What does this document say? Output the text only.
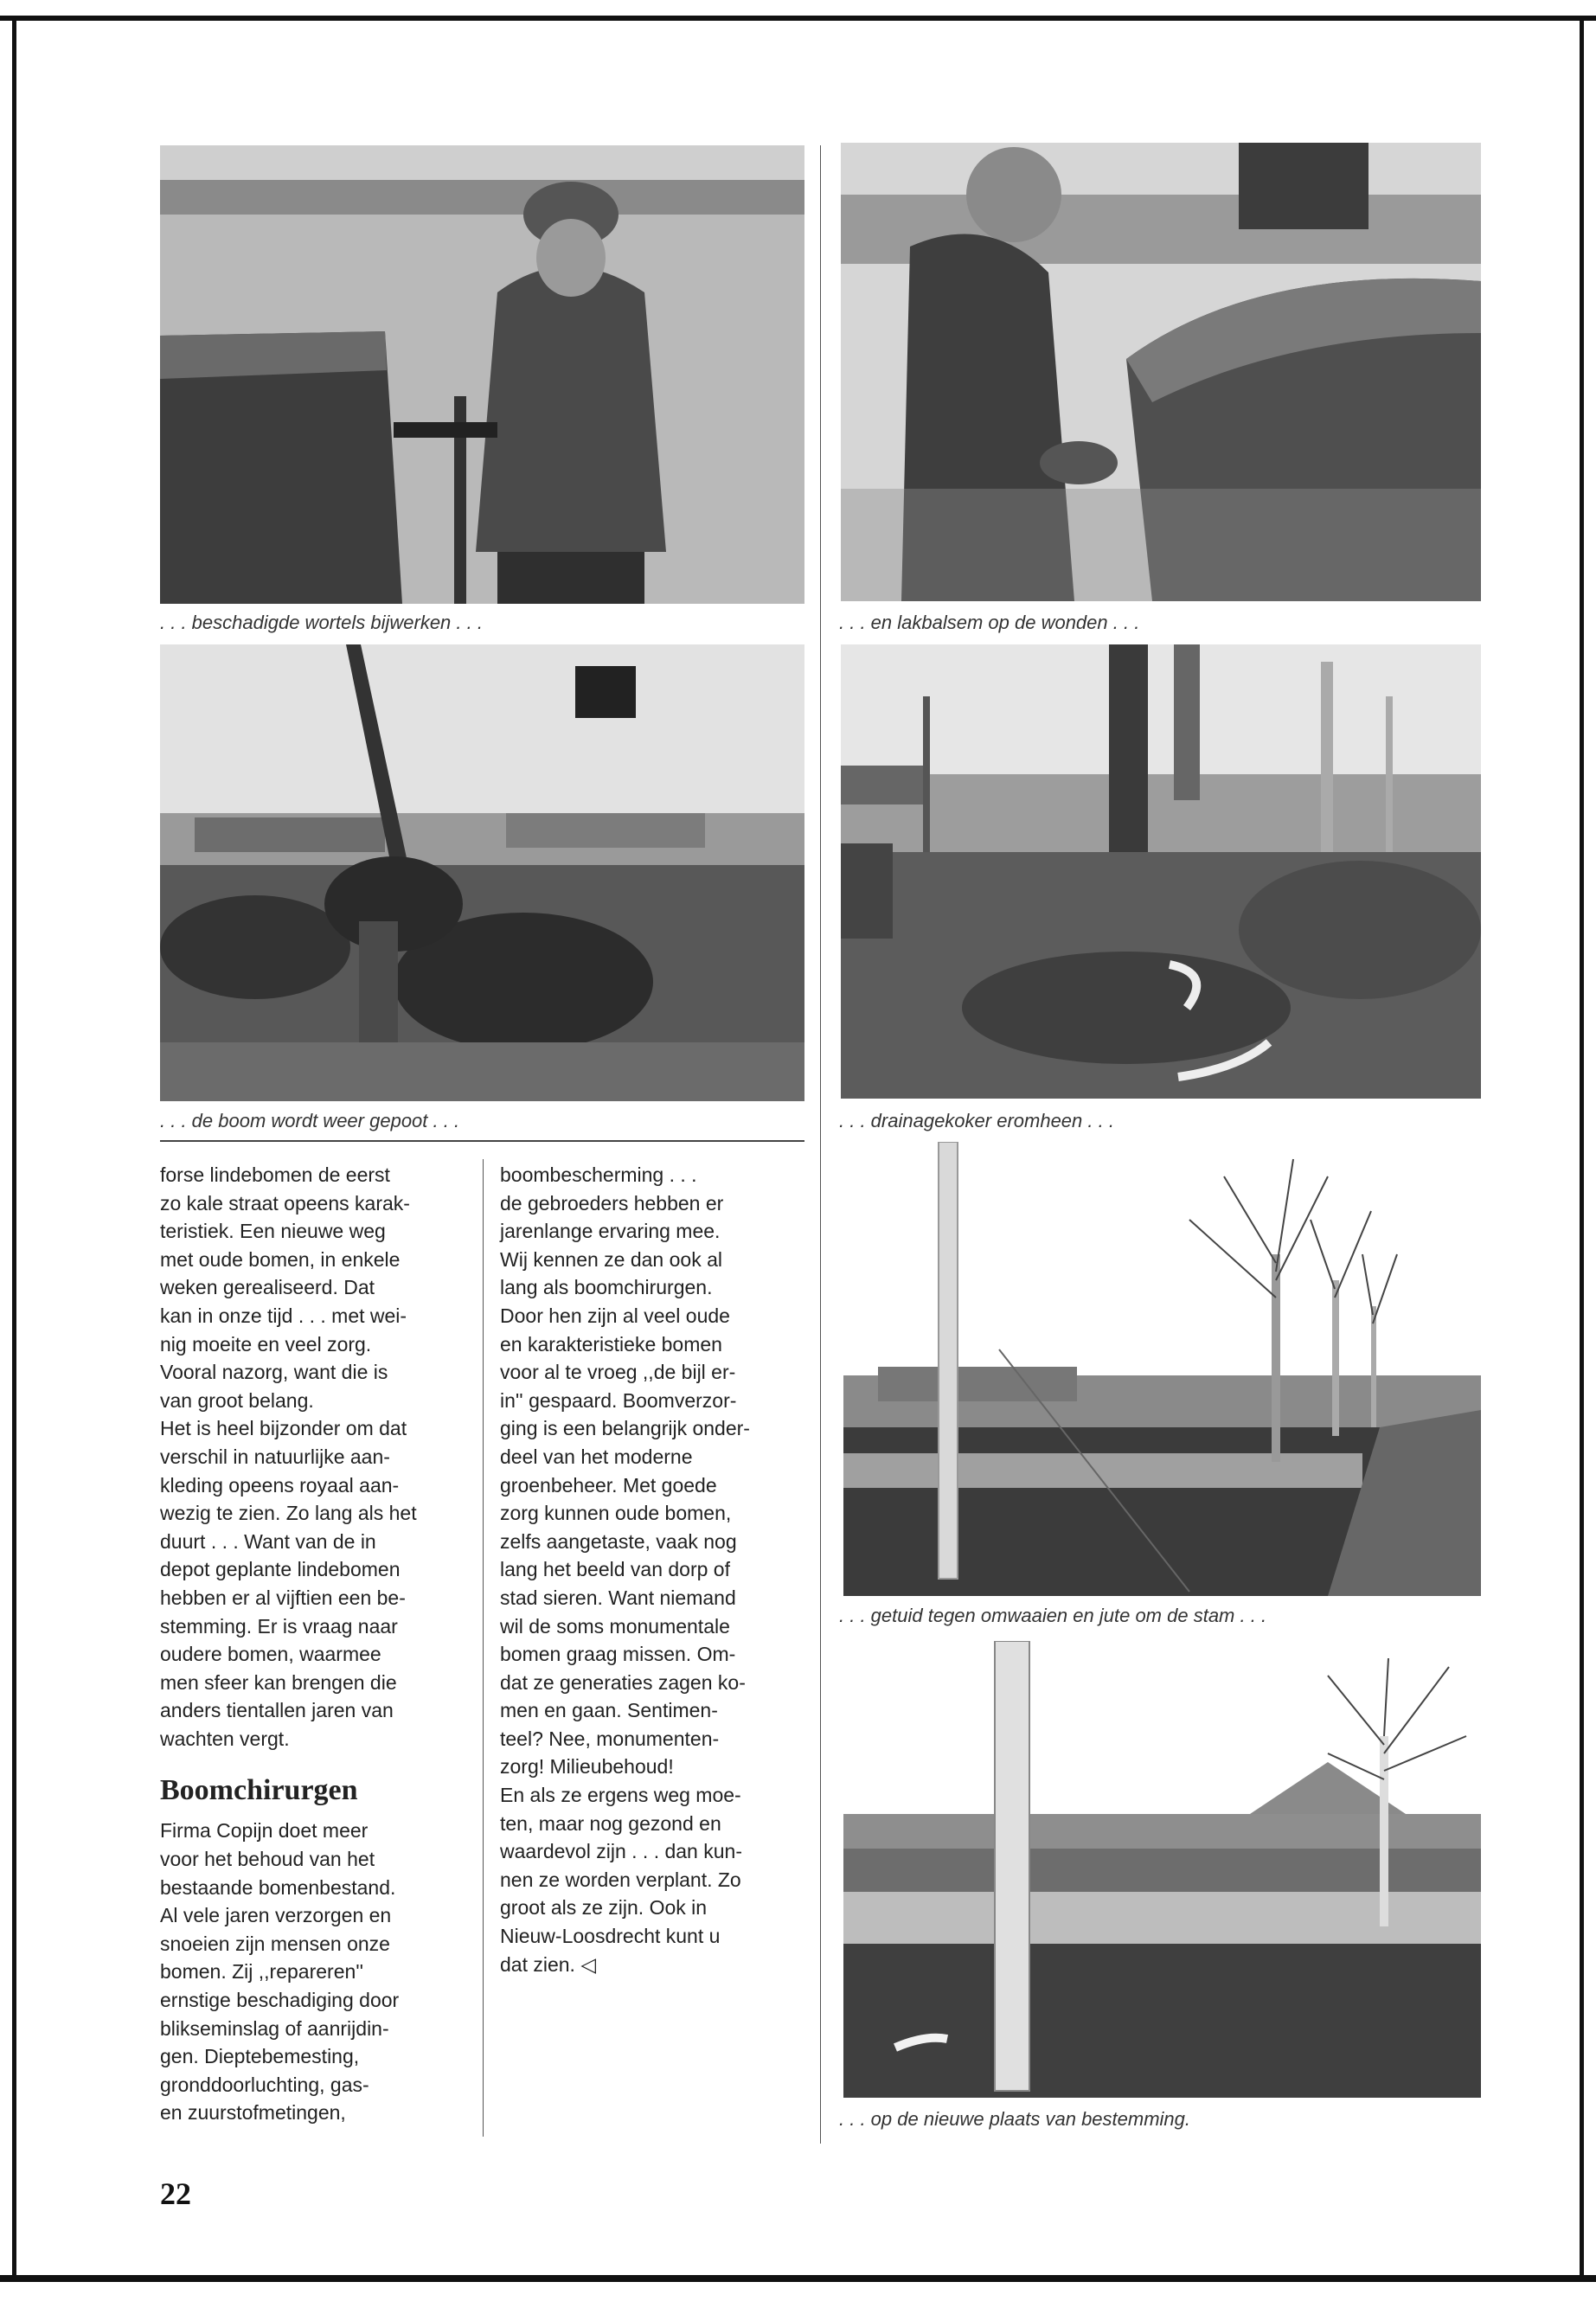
. . . beschadigde wortels bijwerken . . .	. . . en lakbalsem op de wonden . . .
. . . de boom wordt weer gepoot . . .	. . . drainagekoker eromheen . . .
. . . getuid tegen omwaaien en jute om de stam . . .
. . . op de nieuwe plaats van bestemming.

forse lindebomen de eerst
zo kale straat opeens karak-
teristiek. Een nieuwe weg
met oude bomen, in enkele
weken gerealiseerd. Dat
kan in onze tijd . . . met wei-
nig moeite en veel zorg.
Vooral nazorg, want die is
van groot belang.
Het is heel bijzonder om dat
verschil in natuurlijke aan-
kleding opeens royaal aan-
wezig te zien. Zo lang als het
duurt . . . Want van de in
depot geplante lindebomen
hebben er al vijftien een be-
stemming. Er is vraag naar
oudere bomen, waarmee
men sfeer kan brengen die
anders tientallen jaren van
wachten vergt.

Boomchirurgen

Firma Copijn doet meer
voor het behoud van het
bestaande bomenbestand.
Al vele jaren verzorgen en
snoeien zijn mensen onze
bomen. Zij ,,repareren''
ernstige beschadiging door
blikseminslag of aanrijdin-
gen. Dieptebemesting,
gronddoorluchting, gas-
en zuurstofmetingen,

boombescherming . . .
de gebroeders hebben er
jarenlange ervaring mee.
Wij kennen ze dan ook al
lang als boomchirurgen.
Door hen zijn al veel oude
en karakteristieke bomen
voor al te vroeg ,,de bijl er-
in'' gespaard. Boomverzor-
ging is een belangrijk onder-
deel van het moderne
groenbeheer. Met goede
zorg kunnen oude bomen,
zelfs aangetaste, vaak nog
lang het beeld van dorp of
stad sieren. Want niemand
wil de soms monumentale
bomen graag missen. Om-
dat ze generaties zagen ko-
men en gaan. Sentimen-
teel? Nee, monumenten-
zorg! Milieubehoud!
En als ze ergens weg moe-
ten, maar nog gezond en
waardevol zijn . . . dan kun-
nen ze worden verplant. Zo
groot als ze zijn. Ook in
Nieuw-Loosdrecht kunt u
dat zien. ◁

22
